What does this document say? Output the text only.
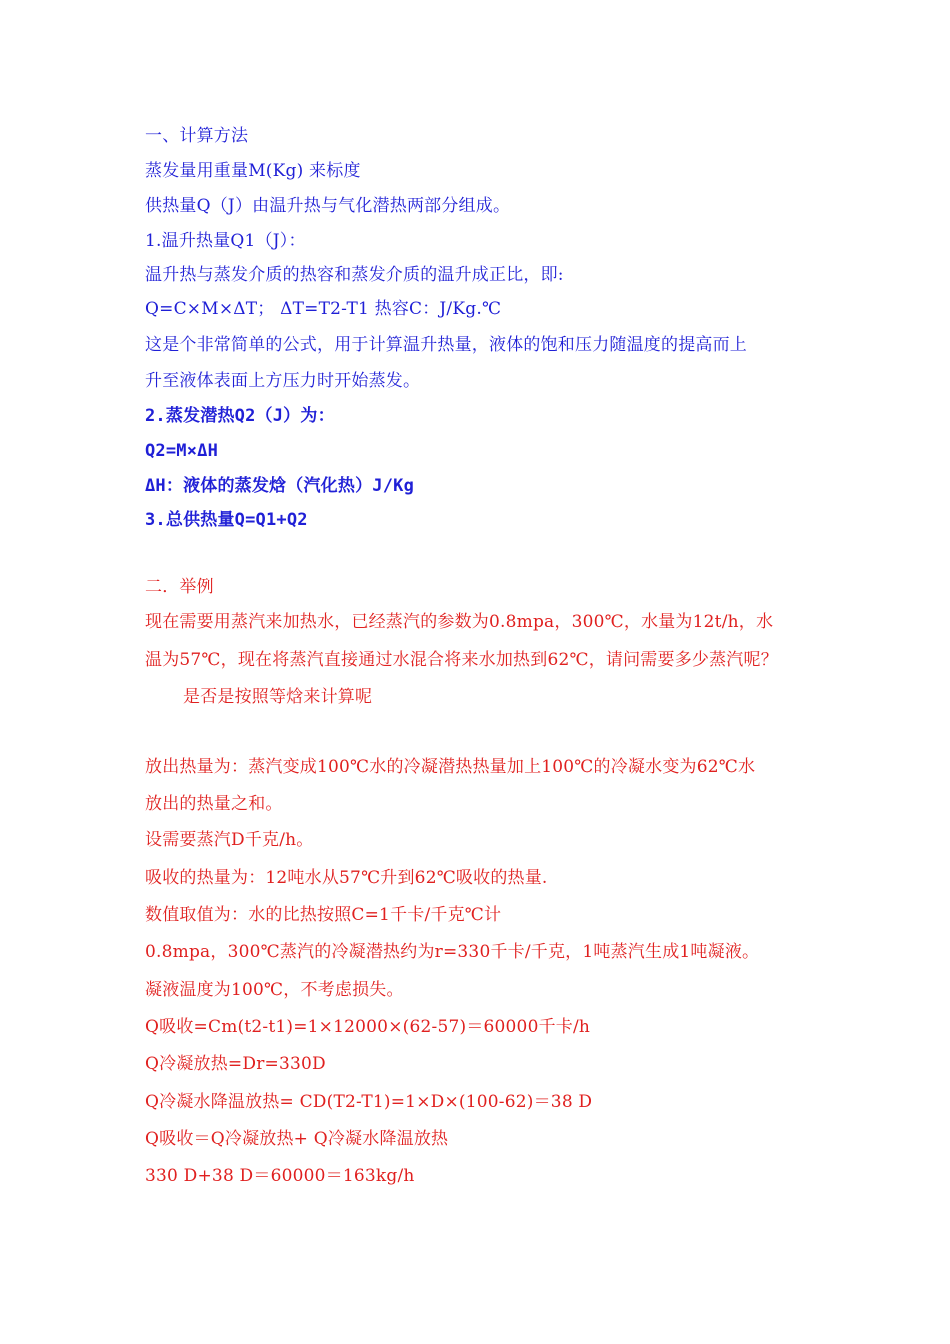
一、计算方法
蒸发量用重量M(Kg) 来标度
供热量Q（J）由温升热与气化潜热两部分组成。
1.温升热量Q1（J）：
温升热与蒸发介质的热容和蒸发介质的温升成正比，即:
Q=C×M×ΔT； ΔT=T2-T1 热容C：J/Kg.℃
这是个非常简单的公式，用于计算温升热量，液体的饱和压力随温度的提高而上
升至液体表面上方压力时开始蒸发。
2.蒸发潜热Q2（J）为：
Q2=M×ΔH
ΔH：液体的蒸发焓（汽化热）J/Kg
3.总供热量Q=Q1+Q2
二．举例
现在需要用蒸汽来加热水，已经蒸汽的参数为0.8mpa，300℃，水量为12t/h，水
温为57℃，现在将蒸汽直接通过水混合将来水加热到62℃，请问需要多少蒸汽呢？
是否是按照等焓来计算呢
放出热量为：蒸汽变成100℃水的冷凝潜热热量加上100℃的冷凝水变为62℃水
放出的热量之和。
设需要蒸汽D千克/h。
吸收的热量为：12吨水从57℃升到62℃吸收的热量.
数值取值为：水的比热按照C=1千卡/千克℃计
0.8mpa，300℃蒸汽的冷凝潜热约为r=330千卡/千克，1吨蒸汽生成1吨凝液。
凝液温度为100℃，不考虑损失。
Q吸收=Cm(t2-t1)=1×12000×(62-57)＝60000千卡/h
Q冷凝放热=Dr=330D
Q冷凝水降温放热= CD(T2-T1)=1×D×(100-62)＝38 D
Q吸收＝Q冷凝放热+ Q冷凝水降温放热
330 D+38 D＝60000＝163kg/h
